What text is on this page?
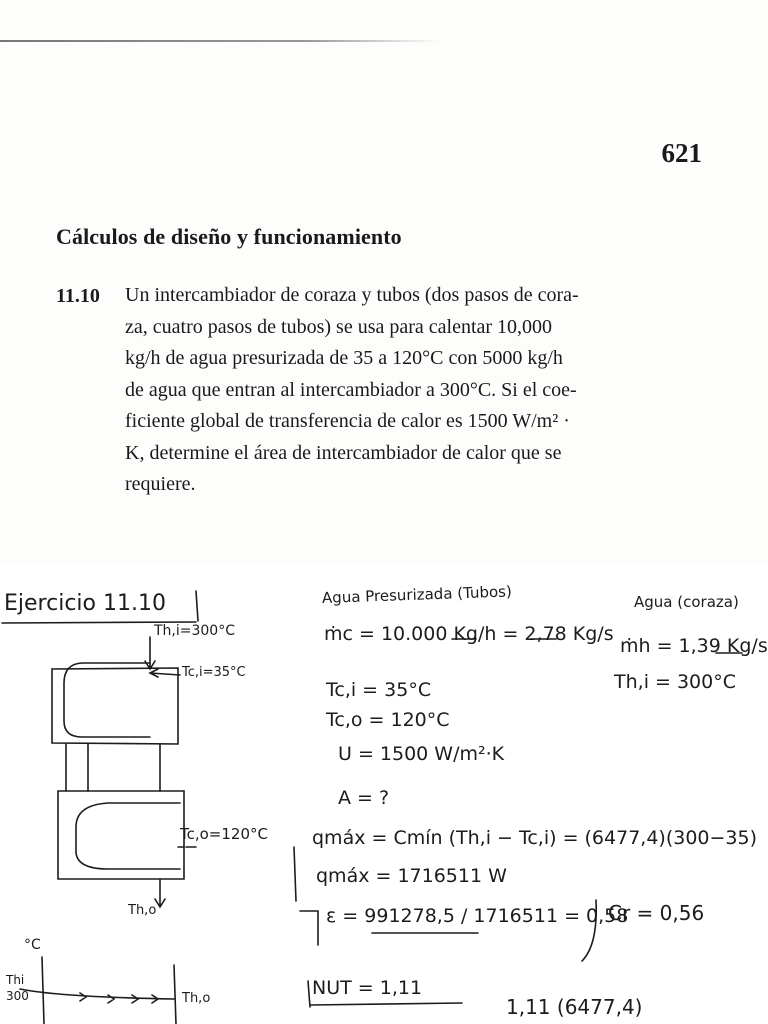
621
Cálculos de diseño y funcionamiento
11.10 Un intercambiador de coraza y tubos (dos pasos de cora-
za, cuatro pasos de tubos) se usa para calentar 10,000
kg/h de agua presurizada de 35 a 120°C con 5000 kg/h
de agua que entran al intercambiador a 300°C. Si el coe-
ficiente global de transferencia de calor es 1500 W/m² ·
K, determine el área de intercambiador de calor que se
requiere.
Ejercicio 11.10
Th,i=300°C
Tc,i=35°C
Tc,o=120°C
Th,o
Agua Presurizada (Tubos)
ṁc = 10.000 Kg/h = 2,78 Kg/s
Tc,i = 35°C
Tc,o = 120°C
U = 1500 W/m²·K
A = ?
Agua (coraza)
ṁh = 1,39 Kg/s
Th,i = 300°C
qmáx = Cmín (Th,i − Tc,i) = (6477,4)(300−35)
qmáx = 1716511 W
ε = 991278,5 / 1716511 = 0,58
Cr = 0,56
NUT = 1,11
1,11 (6477,4)
°C
Thi
300	Th,o
